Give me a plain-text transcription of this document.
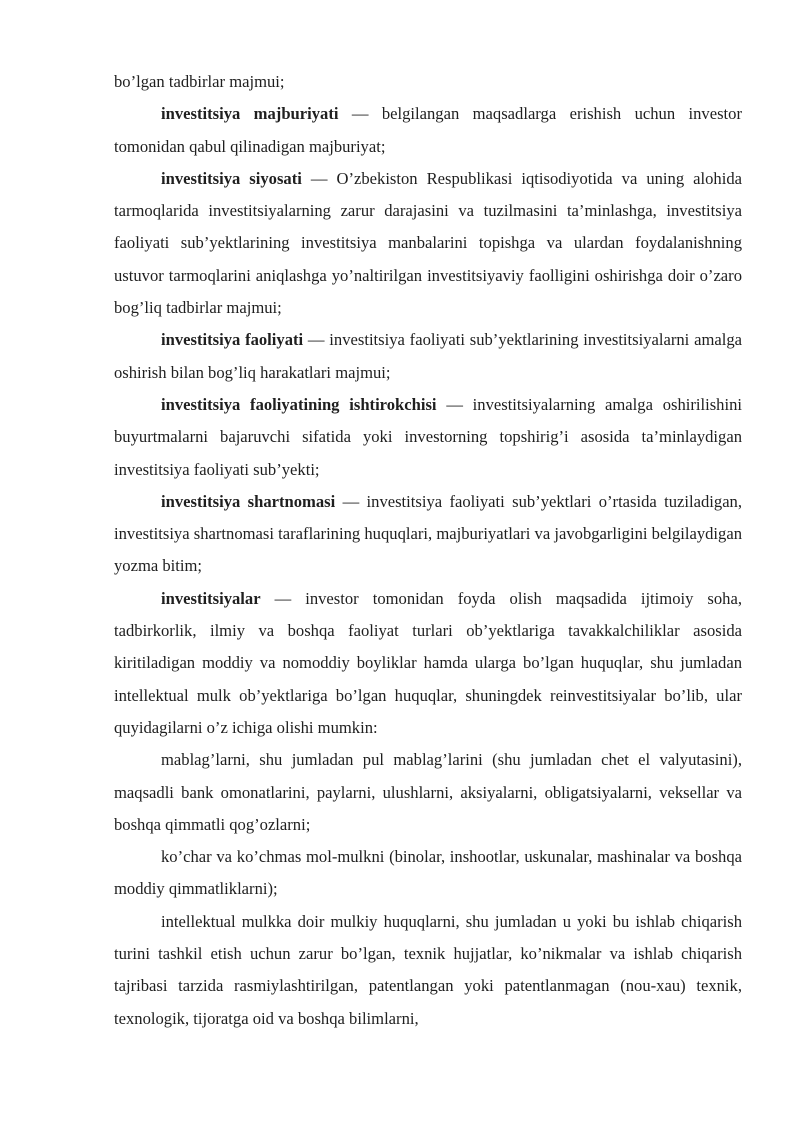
bo’lgan tadbirlar majmui;

investitsiya majburiyati — belgilangan maqsadlarga erishish uchun investor tomonidan qabul qilinadigan majburiyat;

investitsiya siyosati — O’zbekiston Respublikasi iqtisodiyotida va uning alohida tarmoqlarida investitsiyalarning zarur darajasini va tuzilmasini ta’minlashga, investitsiya faoliyati sub’yektlarining investitsiya manbalarini topishga va ulardan foydalanishning ustuvor tarmoqlarini aniqlashga yo’naltirilgan investitsiyaviy faolligini oshirishga doir o’zaro bog’liq tadbirlar majmui;

investitsiya faoliyati — investitsiya faoliyati sub’yektlarining investitsiyalarni amalga oshirish bilan bog’liq harakatlari majmui;

investitsiya faoliyatining ishtirokchisi — investitsiyalarning amalga oshirilishini buyurtmalarni bajaruvchi sifatida yoki investorning topshirig’i asosida ta’minlaydigan investitsiya faoliyati sub’yekti;

investitsiya shartnomasi — investitsiya faoliyati sub’yektlari o’rtasida tuziladigan, investitsiya shartnomasi taraflarining huquqlari, majburiyatlari va javobgarligini belgilaydigan yozma bitim;

investitsiyalar — investor tomonidan foyda olish maqsadida ijtimoiy soha, tadbirkorlik, ilmiy va boshqa faoliyat turlari ob’yektlariga tavakkalchiliklar asosida kiritiladigan moddiy va nomoddiy boyliklar hamda ularga bo’lgan huquqlar, shu jumladan intellektual mulk ob’yektlariga bo’lgan huquqlar, shuningdek reinvestitsiyalar bo’lib, ular quyidagilarni o’z ichiga olishi mumkin:

mablag’larni, shu jumladan pul mablag’larini (shu jumladan chet el valyutasini), maqsadli bank omonatlarini, paylarni, ulushlarni, aksiyalarni, obligatsiyalarni, veksellar va boshqa qimmatli qog’ozlarni;

ko’char va ko’chmas mol-mulkni (binolar, inshootlar, uskunalar, mashinalar va boshqa moddiy qimmatliklarni);

intellektual mulkka doir mulkiy huquqlarni, shu jumladan u yoki bu ishlab chiqarish turini tashkil etish uchun zarur bo’lgan, texnik hujjatlar, ko’nikmalar va ishlab chiqarish tajribasi tarzida rasmiylashtirilgan, patentlangan yoki patentlanmagan (nou-xau) texnik, texnologik, tijoratga oid va boshqa bilimlarni,
